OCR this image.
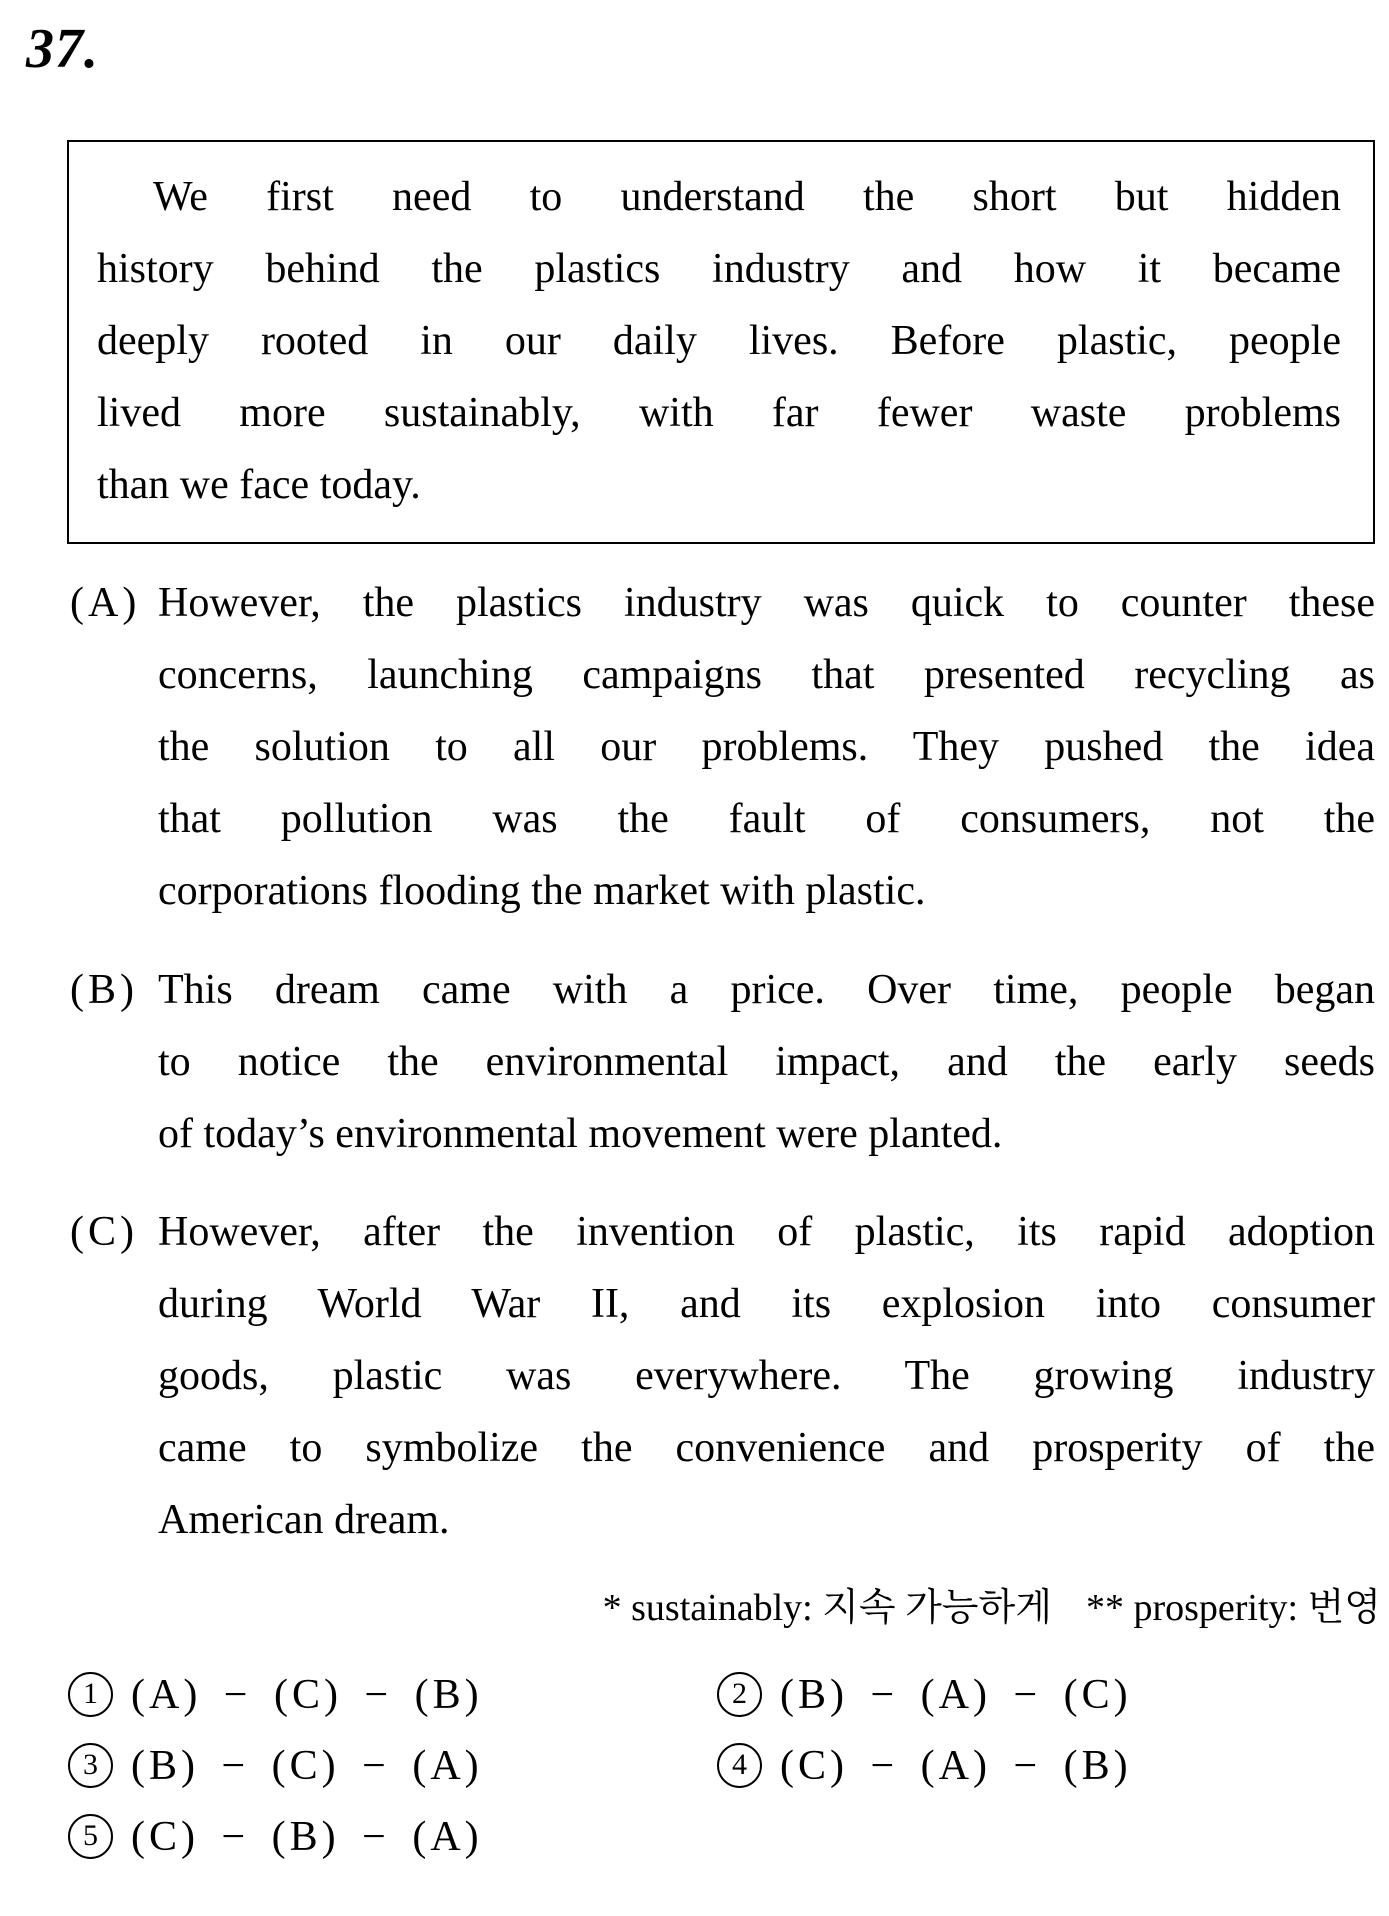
37.
We first need to understand the short but hidden
history behind the plastics industry and how it became
deeply rooted in our daily lives. Before plastic, people
lived more sustainably, with far fewer waste problems
than we face today.
(A) However, the plastics industry was quick to counter these
concerns, launching campaigns that presented recycling as
the solution to all our problems. They pushed the idea
that pollution was the fault of consumers, not the
corporations flooding the market with plastic.
(B) This dream came with a price. Over time, people began
to notice the environmental impact, and the early seeds
of today’s environmental movement were planted.
(C) However, after the invention of plastic, its rapid adoption
during World War II, and its explosion into consumer
goods, plastic was everywhere. The growing industry
came to symbolize the convenience and prosperity of the
American dream.
* sustainably: 지속 가능하게 ** prosperity: 번영
1 (A) − (C) − (B)	2 (B) − (A) − (C)
3 (B) − (C) − (A)	4 (C) − (A) − (B)
5 (C) − (B) − (A)
